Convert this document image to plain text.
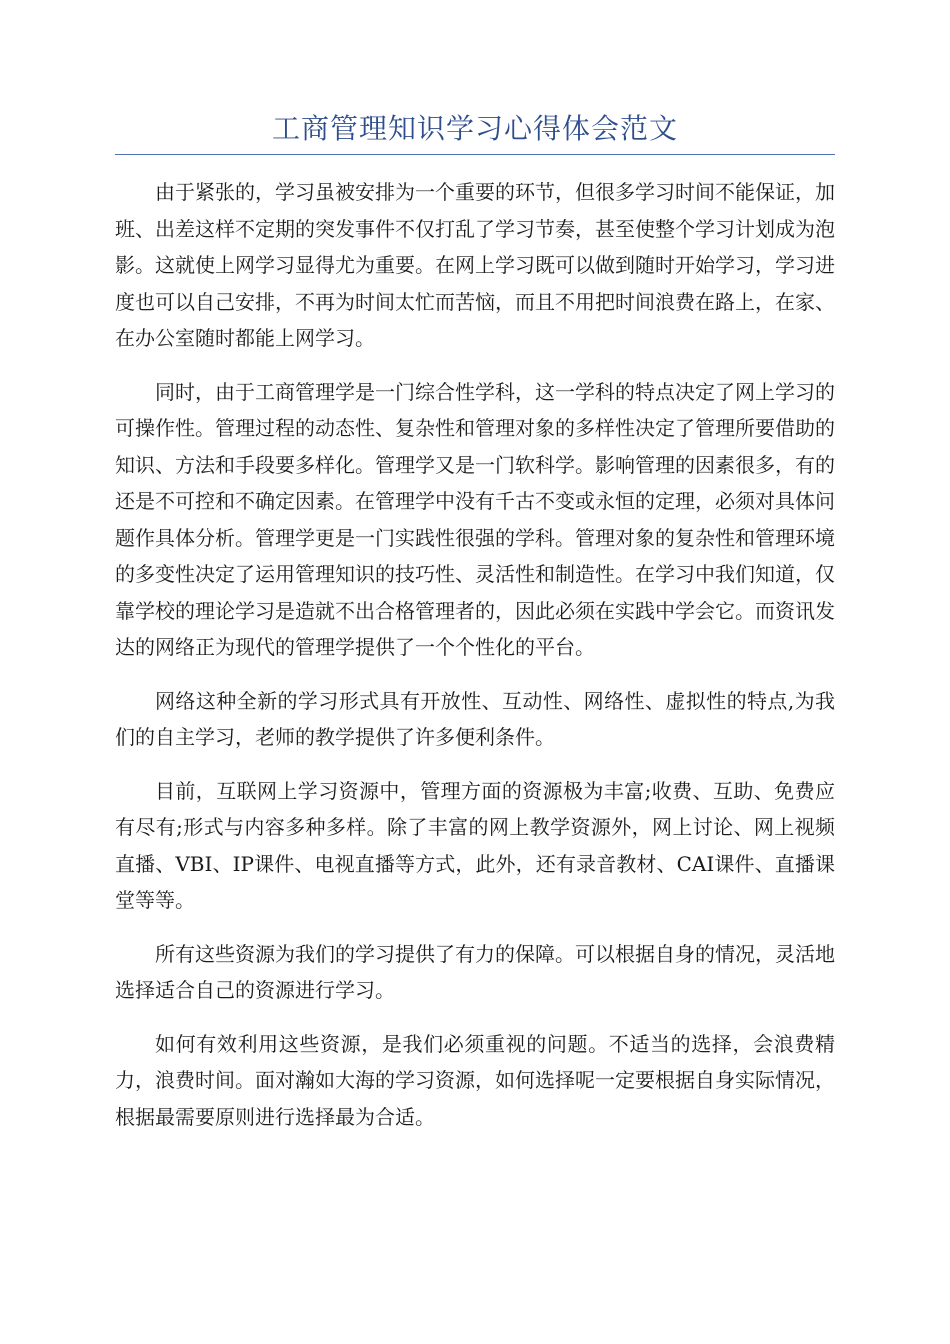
工商管理知识学习心得体会范文

由于紧张的，学习虽被安排为一个重要的环节，但很多学习时间不能保证，加班、出差这样不定期的突发事件不仅打乱了学习节奏，甚至使整个学习计划成为泡影。这就使上网学习显得尤为重要。在网上学习既可以做到随时开始学习，学习进度也可以自己安排，不再为时间太忙而苦恼，而且不用把时间浪费在路上，在家、在办公室随时都能上网学习。

同时，由于工商管理学是一门综合性学科，这一学科的特点决定了网上学习的可操作性。管理过程的动态性、复杂性和管理对象的多样性决定了管理所要借助的知识、方法和手段要多样化。管理学又是一门软科学。影响管理的因素很多，有的还是不可控和不确定因素。在管理学中没有千古不变或永恒的定理，必须对具体问题作具体分析。管理学更是一门实践性很强的学科。管理对象的复杂性和管理环境的多变性决定了运用管理知识的技巧性、灵活性和制造性。在学习中我们知道，仅靠学校的理论学习是造就不出合格管理者的，因此必须在实践中学会它。而资讯发达的网络正为现代的管理学提供了一个个性化的平台。

网络这种全新的学习形式具有开放性、互动性、网络性、虚拟性的特点,为我们的自主学习，老师的教学提供了许多便利条件。

目前，互联网上学习资源中，管理方面的资源极为丰富;收费、互助、免费应有尽有;形式与内容多种多样。除了丰富的网上教学资源外，网上讨论、网上视频直播、VBI、IP课件、电视直播等方式，此外，还有录音教材、CAI课件、直播课堂等等。

所有这些资源为我们的学习提供了有力的保障。可以根据自身的情况，灵活地选择适合自己的资源进行学习。

如何有效利用这些资源，是我们必须重视的问题。不适当的选择，会浪费精力，浪费时间。面对瀚如大海的学习资源，如何选择呢一定要根据自身实际情况，根据最需要原则进行选择最为合适。
